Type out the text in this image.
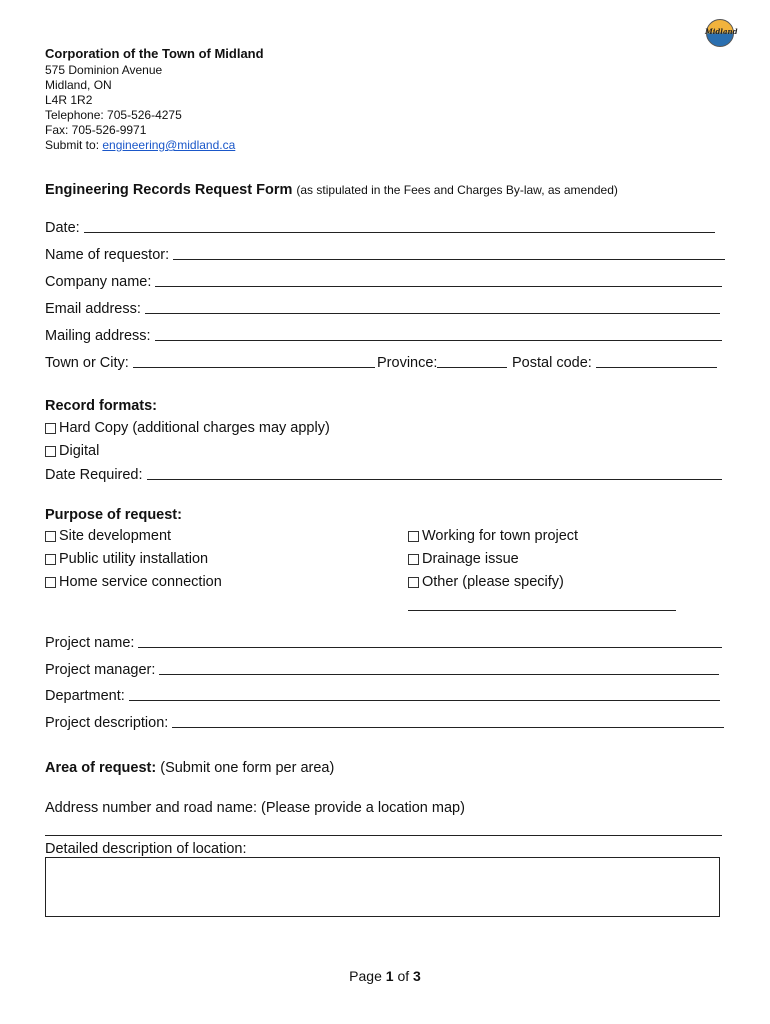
Midland
Corporation of the Town of Midland
575 Dominion Avenue
Midland, ON
L4R 1R2
Telephone: 705-526-4275
Fax: 705-526-9971
Submit to: engineering@midland.ca
Engineering Records Request Form (as stipulated in the Fees and Charges By-law, as amended)
Date:
Name of requestor:
Company name:
Email address:
Mailing address:
Town or City:	Province:	Postal code:
Record formats:
Hard Copy (additional charges may apply)
Digital
Date Required:
Purpose of request:
Site development
Public utility installation
Home service connection
Working for town project
Drainage issue
Other (please specify)
Project name:
Project manager:
Department:
Project description:
Area of request: (Submit one form per area)
Address number and road name: (Please provide a location map)
Detailed description of location:
Page 1 of 3
